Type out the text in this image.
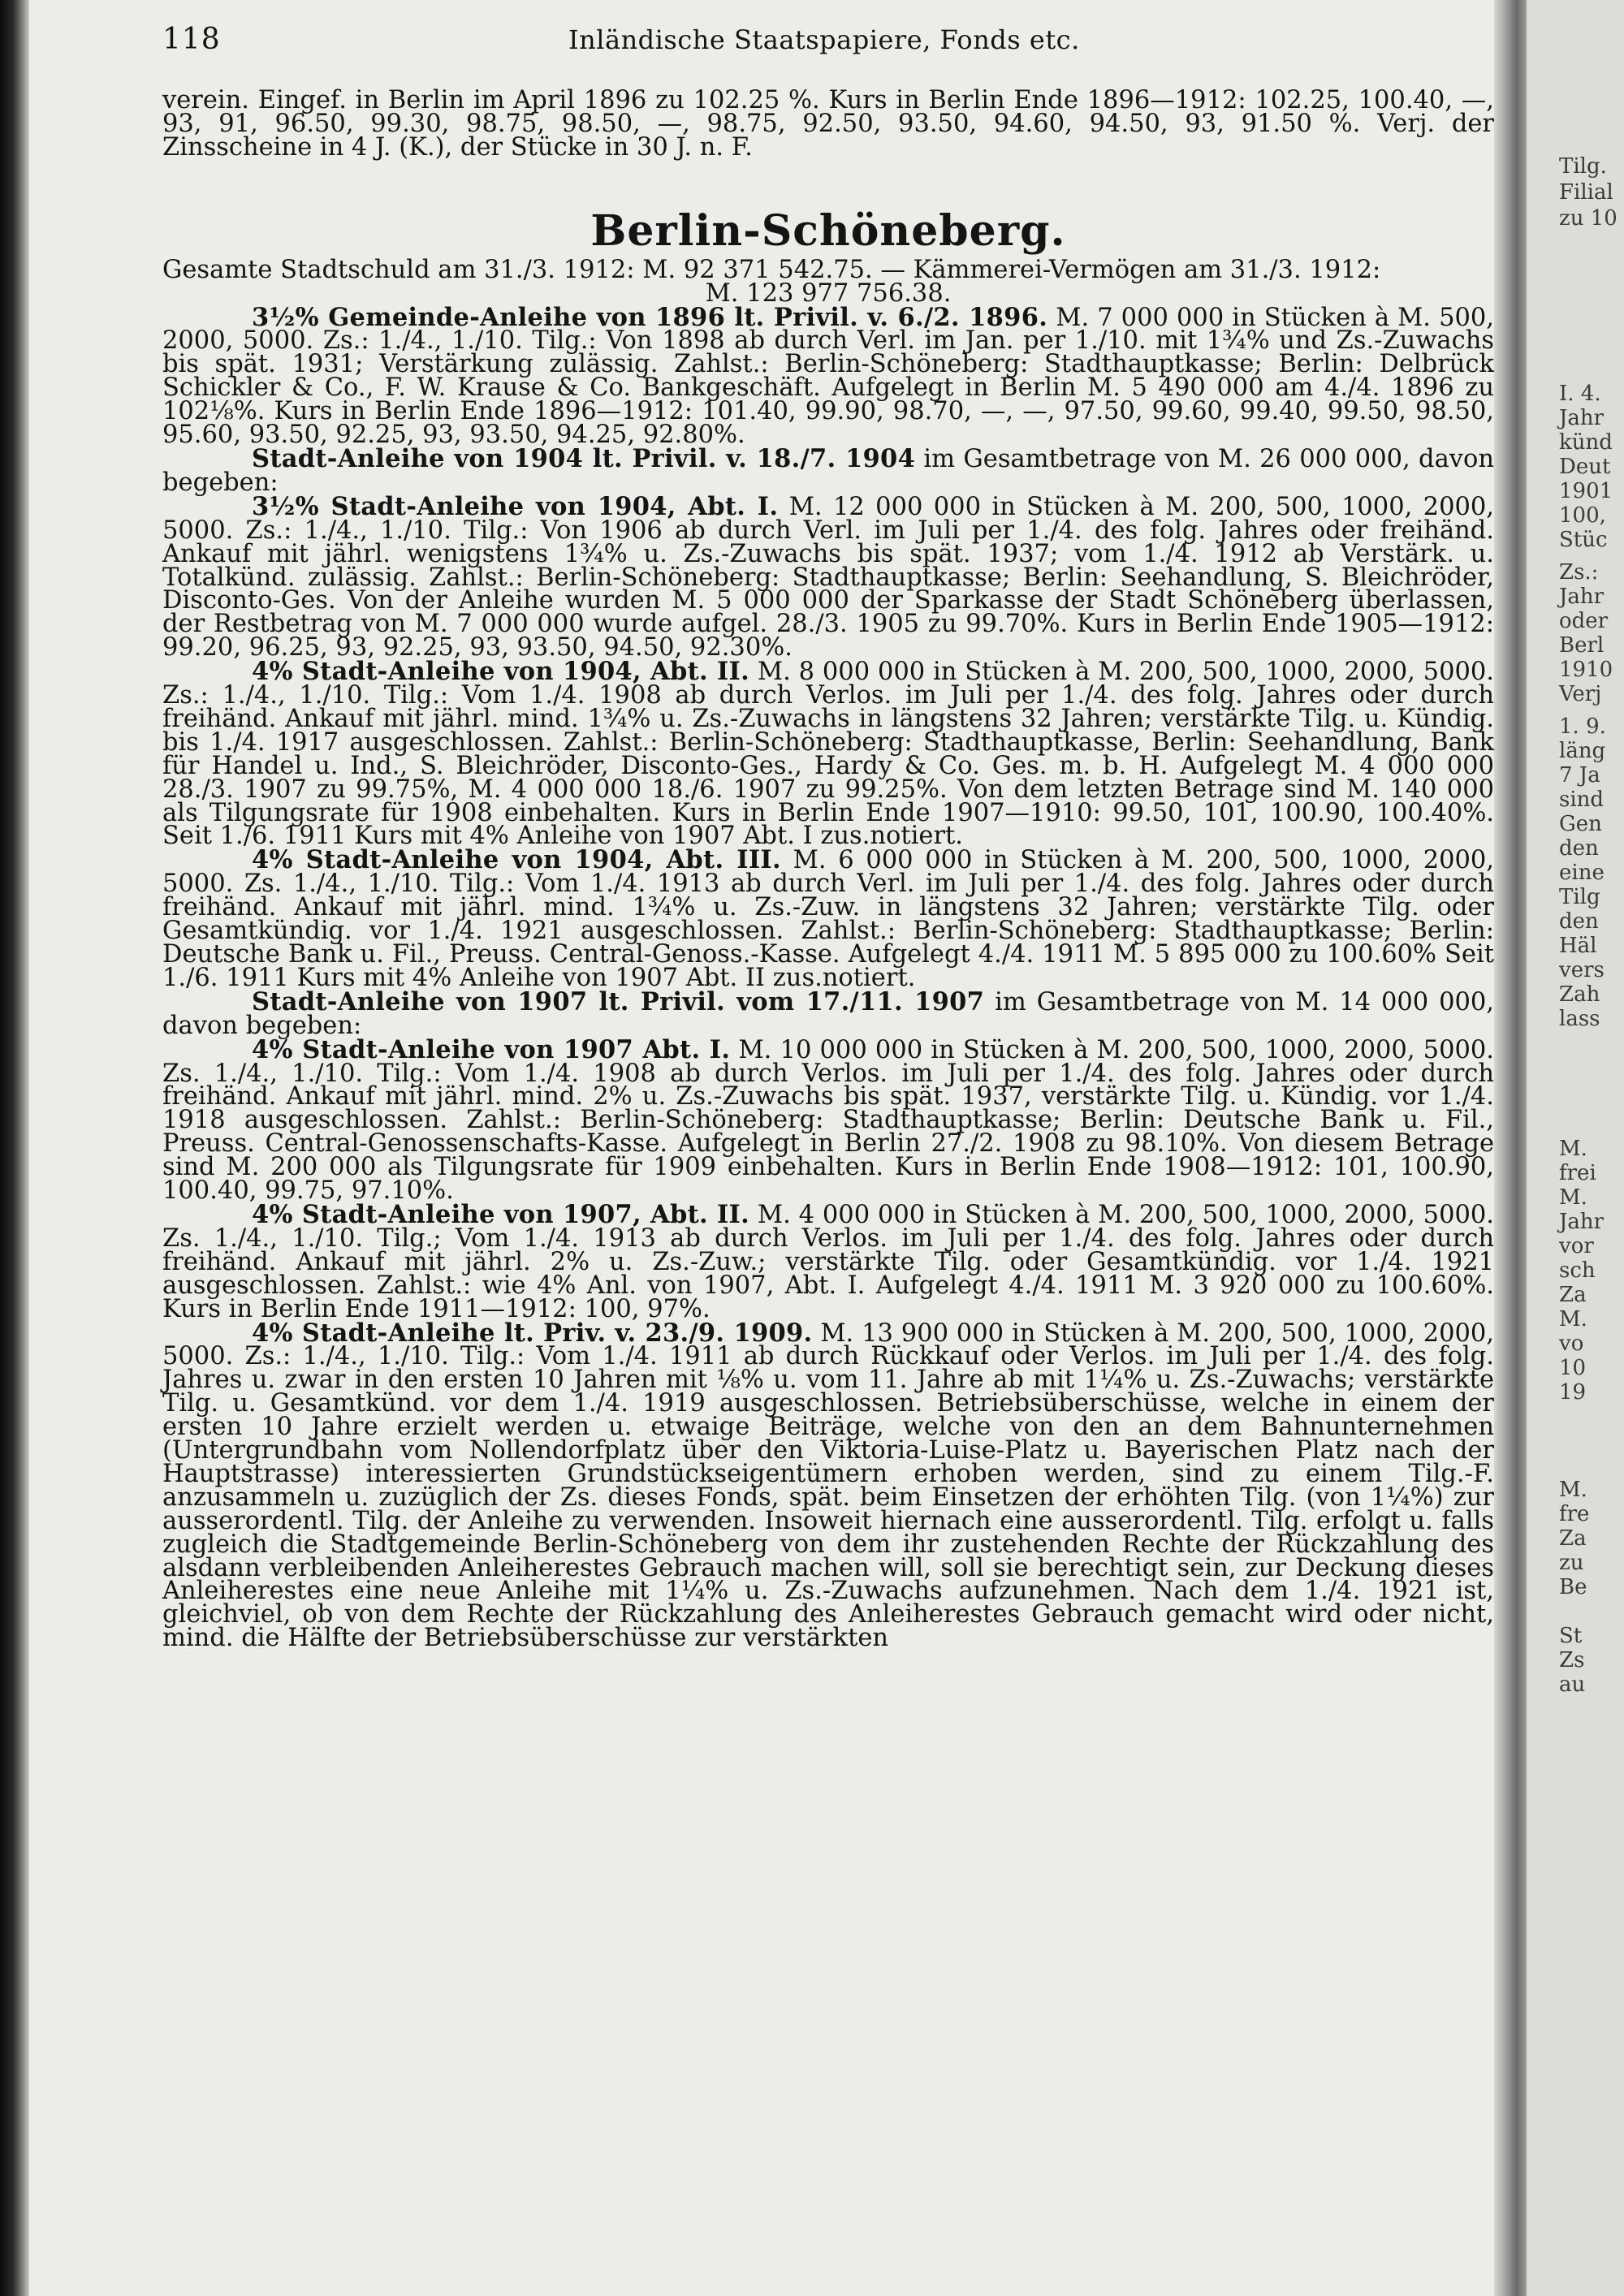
Tilg.
Filial
zu 10
I. 4.
Jahr
künd
Deut
1901
100,
Stüc
Zs.:
Jahr
oder
Berl
1910
Verj
1. 9.
läng
7 Ja
sind
Gen
den
eine
Tilg
den
Häl
vers
Zah
lass
M.
frei
M.
Jahr
vor
sch
Za
M.
vo
10
19
M.
fre
Za
zu
Be
St
Zs
au
118	Inländische Staatspapiere, Fonds etc.

verein. Eingef. in Berlin im April 1896 zu 102.25 %. Kurs in Berlin Ende 1896—1912: 102.25, 100.40, —, 93, 91, 96.50, 99.30, 98.75, 98.50, —, 98.75, 92.50, 93.50, 94.60, 94.50, 93, 91.50 %. Verj. der Zinsscheine in 4 J. (K.), der Stücke in 30 J. n. F.

Berlin-Schöneberg.

Gesamte Stadtschuld am 31./3. 1912: M. 92 371 542.75. — Kämmerei-Vermögen am 31./3. 1912:

M. 123 977 756.38.

3½% Gemeinde-Anleihe von 1896 lt. Privil. v. 6./2. 1896. M. 7 000 000 in Stücken à M. 500, 2000, 5000. Zs.: 1./4., 1./10. Tilg.: Von 1898 ab durch Verl. im Jan. per 1./10. mit 1¾% und Zs.-Zuwachs bis spät. 1931; Verstärkung zulässig. Zahlst.: Berlin-Schöneberg: Stadthauptkasse; Berlin: Delbrück Schickler & Co., F. W. Krause & Co. Bankgeschäft. Aufgelegt in Berlin M. 5 490 000 am 4./4. 1896 zu 102⅛%. Kurs in Berlin Ende 1896—1912: 101.40, 99.90, 98.70, —, —, 97.50, 99.60, 99.40, 99.50, 98.50, 95.60, 93.50, 92.25, 93, 93.50, 94.25, 92.80%.

Stadt-Anleihe von 1904 lt. Privil. v. 18./7. 1904 im Gesamtbetrage von M. 26 000 000, davon begeben:

3½% Stadt-Anleihe von 1904, Abt. I. M. 12 000 000 in Stücken à M. 200, 500, 1000, 2000, 5000. Zs.: 1./4., 1./10. Tilg.: Von 1906 ab durch Verl. im Juli per 1./4. des folg. Jahres oder freihänd. Ankauf mit jährl. wenigstens 1¾% u. Zs.-Zuwachs bis spät. 1937; vom 1./4. 1912 ab Verstärk. u. Totalkünd. zulässig. Zahlst.: Berlin-Schöneberg: Stadthauptkasse; Berlin: Seehandlung, S. Bleichröder, Disconto-Ges. Von der Anleihe wurden M. 5 000 000 der Sparkasse der Stadt Schöneberg überlassen, der Restbetrag von M. 7 000 000 wurde aufgel. 28./3. 1905 zu 99.70%. Kurs in Berlin Ende 1905—1912: 99.20, 96.25, 93, 92.25, 93, 93.50, 94.50, 92.30%.

4% Stadt-Anleihe von 1904, Abt. II. M. 8 000 000 in Stücken à M. 200, 500, 1000, 2000, 5000. Zs.: 1./4., 1./10. Tilg.: Vom 1./4. 1908 ab durch Verlos. im Juli per 1./4. des folg. Jahres oder durch freihänd. Ankauf mit jährl. mind. 1¾% u. Zs.-Zuwachs in längstens 32 Jahren; verstärkte Tilg. u. Kündig. bis 1./4. 1917 ausgeschlossen. Zahlst.: Berlin-Schöneberg: Stadthauptkasse, Berlin: Seehandlung, Bank für Handel u. Ind., S. Bleichröder, Disconto-Ges., Hardy & Co. Ges. m. b. H. Aufgelegt M. 4 000 000 28./3. 1907 zu 99.75%, M. 4 000 000 18./6. 1907 zu 99.25%. Von dem letzten Betrage sind M. 140 000 als Tilgungsrate für 1908 einbehalten. Kurs in Berlin Ende 1907—1910: 99.50, 101, 100.90, 100.40%. Seit 1./6. 1911 Kurs mit 4% Anleihe von 1907 Abt. I zus.notiert.

4% Stadt-Anleihe von 1904, Abt. III. M. 6 000 000 in Stücken à M. 200, 500, 1000, 2000, 5000. Zs. 1./4., 1./10. Tilg.: Vom 1./4. 1913 ab durch Verl. im Juli per 1./4. des folg. Jahres oder durch freihänd. Ankauf mit jährl. mind. 1¾% u. Zs.-Zuw. in längstens 32 Jahren; verstärkte Tilg. oder Gesamtkündig. vor 1./4. 1921 ausgeschlossen. Zahlst.: Berlin-Schöneberg: Stadthauptkasse; Berlin: Deutsche Bank u. Fil., Preuss. Central-Genoss.-Kasse. Aufgelegt 4./4. 1911 M. 5 895 000 zu 100.60% Seit 1./6. 1911 Kurs mit 4% Anleihe von 1907 Abt. II zus.notiert.

Stadt-Anleihe von 1907 lt. Privil. vom 17./11. 1907 im Gesamtbetrage von M. 14 000 000, davon begeben:

4% Stadt-Anleihe von 1907 Abt. I. M. 10 000 000 in Stücken à M. 200, 500, 1000, 2000, 5000. Zs. 1./4., 1./10. Tilg.: Vom 1./4. 1908 ab durch Verlos. im Juli per 1./4. des folg. Jahres oder durch freihänd. Ankauf mit jährl. mind. 2% u. Zs.-Zuwachs bis spät. 1937, verstärkte Tilg. u. Kündig. vor 1./4. 1918 ausgeschlossen. Zahlst.: Berlin-Schöneberg: Stadthauptkasse; Berlin: Deutsche Bank u. Fil., Preuss. Central-Genossenschafts-Kasse. Aufgelegt in Berlin 27./2. 1908 zu 98.10%. Von diesem Betrage sind M. 200 000 als Tilgungsrate für 1909 einbehalten. Kurs in Berlin Ende 1908—1912: 101, 100.90, 100.40, 99.75, 97.10%.

4% Stadt-Anleihe von 1907, Abt. II. M. 4 000 000 in Stücken à M. 200, 500, 1000, 2000, 5000. Zs. 1./4., 1./10. Tilg.; Vom 1./4. 1913 ab durch Verlos. im Juli per 1./4. des folg. Jahres oder durch freihänd. Ankauf mit jährl. 2% u. Zs.-Zuw.; verstärkte Tilg. oder Gesamtkündig. vor 1./4. 1921 ausgeschlossen. Zahlst.: wie 4% Anl. von 1907, Abt. I. Aufgelegt 4./4. 1911 M. 3 920 000 zu 100.60%. Kurs in Berlin Ende 1911—1912: 100, 97%.

4% Stadt-Anleihe lt. Priv. v. 23./9. 1909. M. 13 900 000 in Stücken à M. 200, 500, 1000, 2000, 5000. Zs.: 1./4., 1./10. Tilg.: Vom 1./4. 1911 ab durch Rückkauf oder Verlos. im Juli per 1./4. des folg. Jahres u. zwar in den ersten 10 Jahren mit ⅛% u. vom 11. Jahre ab mit 1¼% u. Zs.-Zuwachs; verstärkte Tilg. u. Gesamtkünd. vor dem 1./4. 1919 ausgeschlossen. Betriebsüberschüsse, welche in einem der ersten 10 Jahre erzielt werden u. etwaige Beiträge, welche von den an dem Bahnunternehmen (Untergrundbahn vom Nollendorfplatz über den Viktoria-Luise-Platz u. Bayerischen Platz nach der Hauptstrasse) interessierten Grundstückseigentümern erhoben werden, sind zu einem Tilg.-F. anzusammeln u. zuzüglich der Zs. dieses Fonds, spät. beim Einsetzen der erhöhten Tilg. (von 1¼%) zur ausserordentl. Tilg. der Anleihe zu verwenden. Insoweit hiernach eine ausserordentl. Tilg. erfolgt u. falls zugleich die Stadtgemeinde Berlin-Schöneberg von dem ihr zustehenden Rechte der Rückzahlung des alsdann verbleibenden Anleiherestes Gebrauch machen will, soll sie berechtigt sein, zur Deckung dieses Anleiherestes eine neue Anleihe mit 1¼% u. Zs.-Zuwachs aufzunehmen. Nach dem 1./4. 1921 ist, gleichviel, ob von dem Rechte der Rückzahlung des Anleiherestes Gebrauch gemacht wird oder nicht, mind. die Hälfte der Betriebsüberschüsse zur verstärkten
